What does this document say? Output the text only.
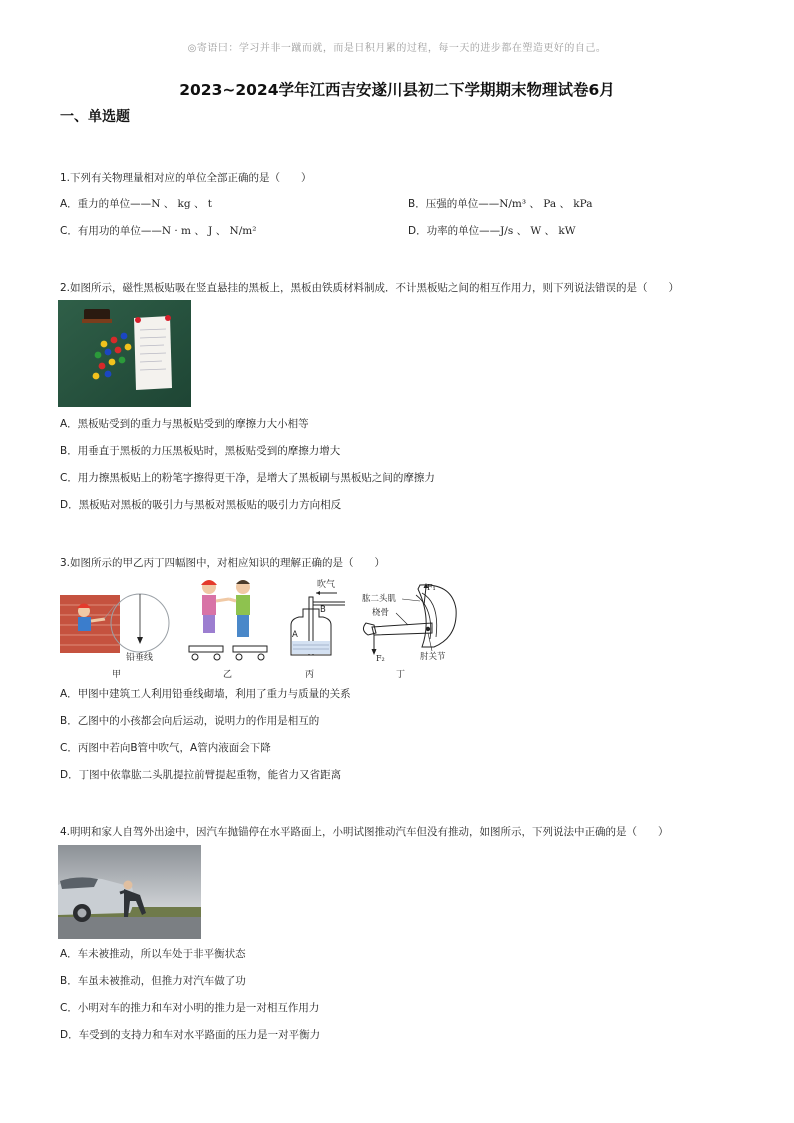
◎寄语曰：学习并非一蹴而就，而是日积月累的过程，每一天的进步都在塑造更好的自己。
2023~2024学年江西吉安遂川县初二下学期期末物理试卷6月
一、单选题
1.下列有关物理量相对应的单位全部正确的是（　　）
A．重力的单位——N 、 kg 、 t	B．压强的单位——N/m³ 、 Pa 、 kPa
C．有用功的单位——N · m 、 J 、 N/m²	D．功率的单位——J/s 、 W 、 kW
2.如图所示，磁性黑板贴吸在竖直悬挂的黑板上，黑板由铁质材料制成．不计黑板贴之间的相互作用力，则下列说法错误的是（　　）
A．黑板贴受到的重力与黑板贴受到的摩擦力大小相等
B．用垂直于黑板的力压黑板贴时，黑板贴受到的摩擦力增大
C．用力擦黑板贴上的粉笔字擦得更干净，是增大了黑板刷与黑板贴之间的摩擦力
D．黑板贴对黑板的吸引力与黑板对黑板贴的吸引力方向相反
3.如图所示的甲乙丙丁四幅图中，对相应知识的理解正确的是（　　）
铅垂线
甲	乙
吹气
B
A
丙
F₁
F₂
肱二头肌
桡骨
肘关节
丁
A．甲图中建筑工人利用铅垂线砌墙，利用了重力与质量的关系
B．乙图中的小孩都会向后运动，说明力的作用是相互的
C．丙图中若向B管中吹气，A管内液面会下降
D．丁图中依靠肱二头肌提拉前臂提起重物，能省力又省距离
4.明明和家人自驾外出途中，因汽车抛锚停在水平路面上，小明试图推动汽车但没有推动，如图所示，下列说法中正确的是（　　）
A．车未被推动，所以车处于非平衡状态
B．车虽未被推动，但推力对汽车做了功
C．小明对车的推力和车对小明的推力是一对相互作用力
D．车受到的支持力和车对水平路面的压力是一对平衡力
